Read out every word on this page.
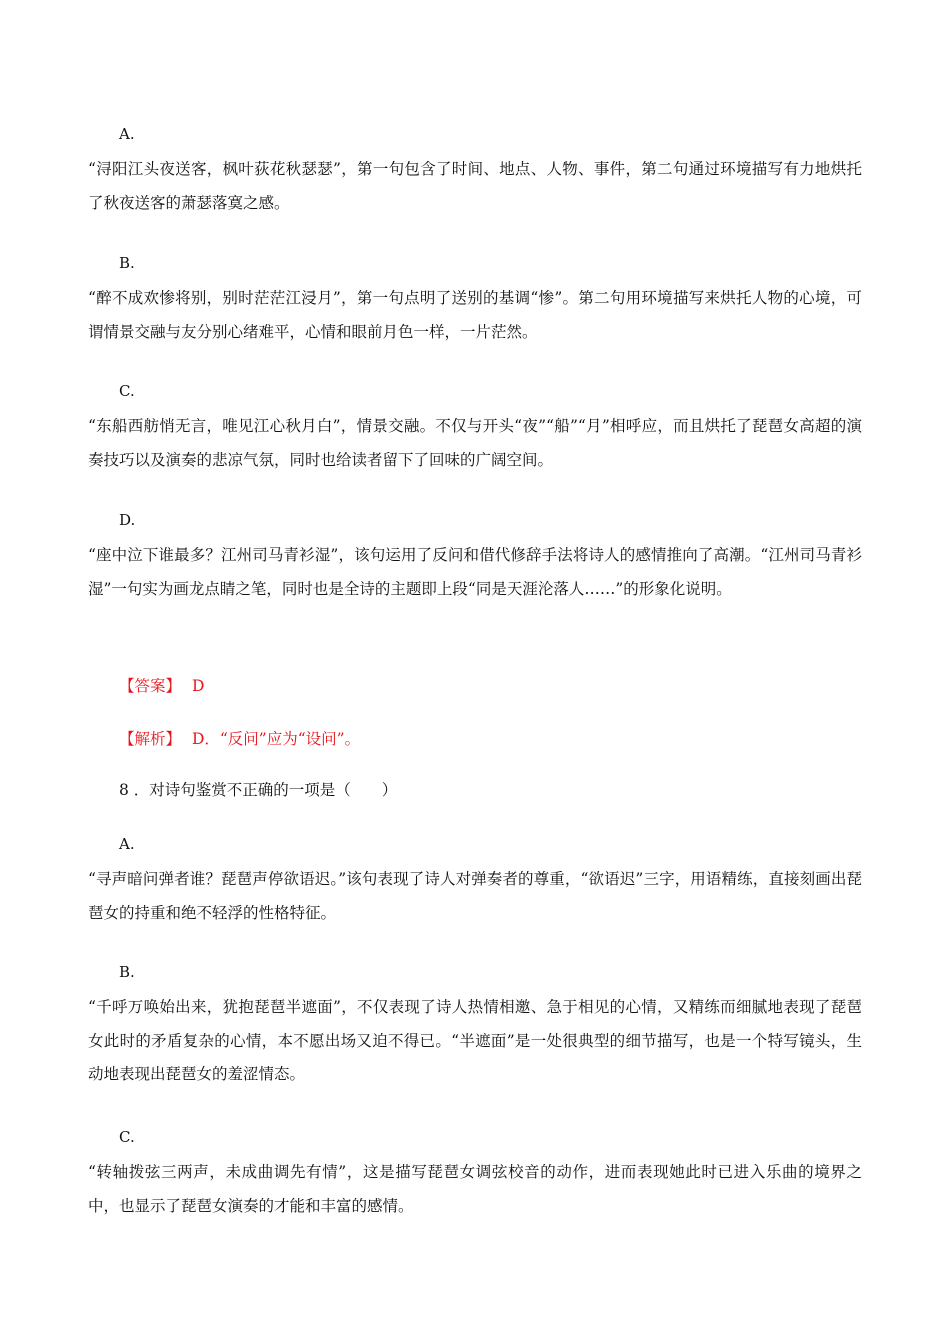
A.
“浔阳江头夜送客，枫叶荻花秋瑟瑟”，第一句包含了时间、地点、人物、事件，第二句通过环境描写有力地烘托了秋夜送客的萧瑟落寞之感。
B.
“醉不成欢惨将别，别时茫茫江浸月”，第一句点明了送别的基调“惨”。第二句用环境描写来烘托人物的心境，可谓情景交融与友分别心绪难平，心情和眼前月色一样，一片茫然。
C.
“东船西舫悄无言，唯见江心秋月白”，情景交融。不仅与开头“夜”“船”“月”相呼应，而且烘托了琵琶女高超的演奏技巧以及演奏的悲凉气氛，同时也给读者留下了回味的广阔空间。
D.
“座中泣下谁最多？江州司马青衫湿”，该句运用了反问和借代修辞手法将诗人的感情推向了高潮。“江州司马青衫湿”一句实为画龙点睛之笔，同时也是全诗的主题即上段“同是天涯沦落人……”的形象化说明。
【答案】 D
【解析】 D．“反问”应为“设问”。
8 ．对诗句鉴赏不正确的一项是（　　）
A.
“寻声暗问弹者谁？琵琶声停欲语迟。”该句表现了诗人对弹奏者的尊重，“欲语迟”三字，用语精练，直接刻画出琵琶女的持重和绝不轻浮的性格特征。
B.
“千呼万唤始出来，犹抱琵琶半遮面”，不仅表现了诗人热情相邀、急于相见的心情，又精练而细腻地表现了琵琶女此时的矛盾复杂的心情，本不愿出场又迫不得已。“半遮面”是一处很典型的细节描写，也是一个特写镜头，生动地表现出琵琶女的羞涩情态。
C.
“转轴拨弦三两声，未成曲调先有情”，这是描写琵琶女调弦校音的动作，进而表现她此时已进入乐曲的境界之中，也显示了琵琶女演奏的才能和丰富的感情。
